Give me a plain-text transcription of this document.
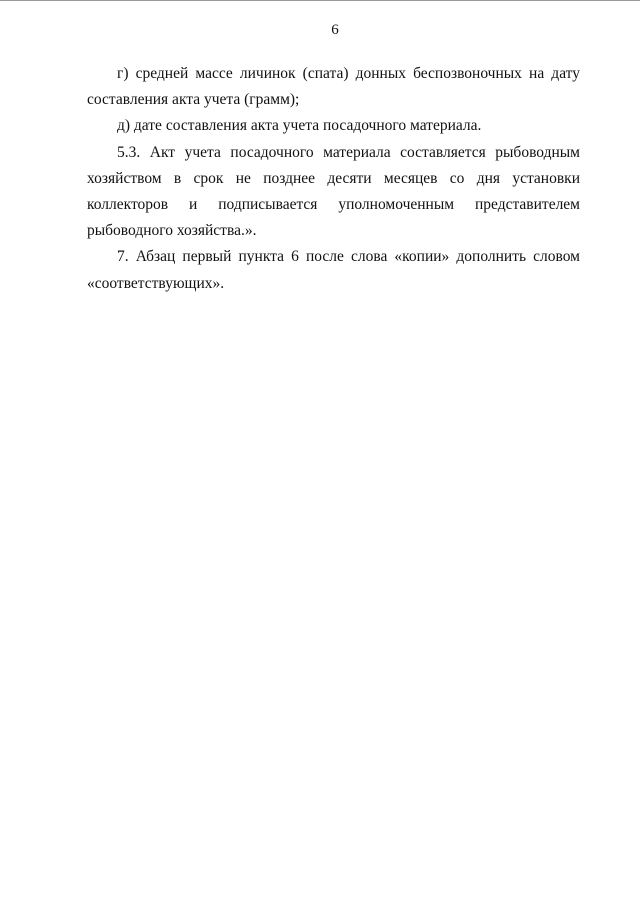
6
г) средней массе личинок (спата) донных беспозвоночных на дату
составления акта учета (грамм);
д) дате составления акта учета посадочного материала.
5.3. Акт учета посадочного материала составляется рыбоводным
хозяйством в срок не позднее десяти месяцев со дня установки
коллекторов и подписывается уполномоченным представителем
рыбоводного хозяйства.».
7. Абзац первый пункта 6 после слова «копии» дополнить словом
«соответствующих».
